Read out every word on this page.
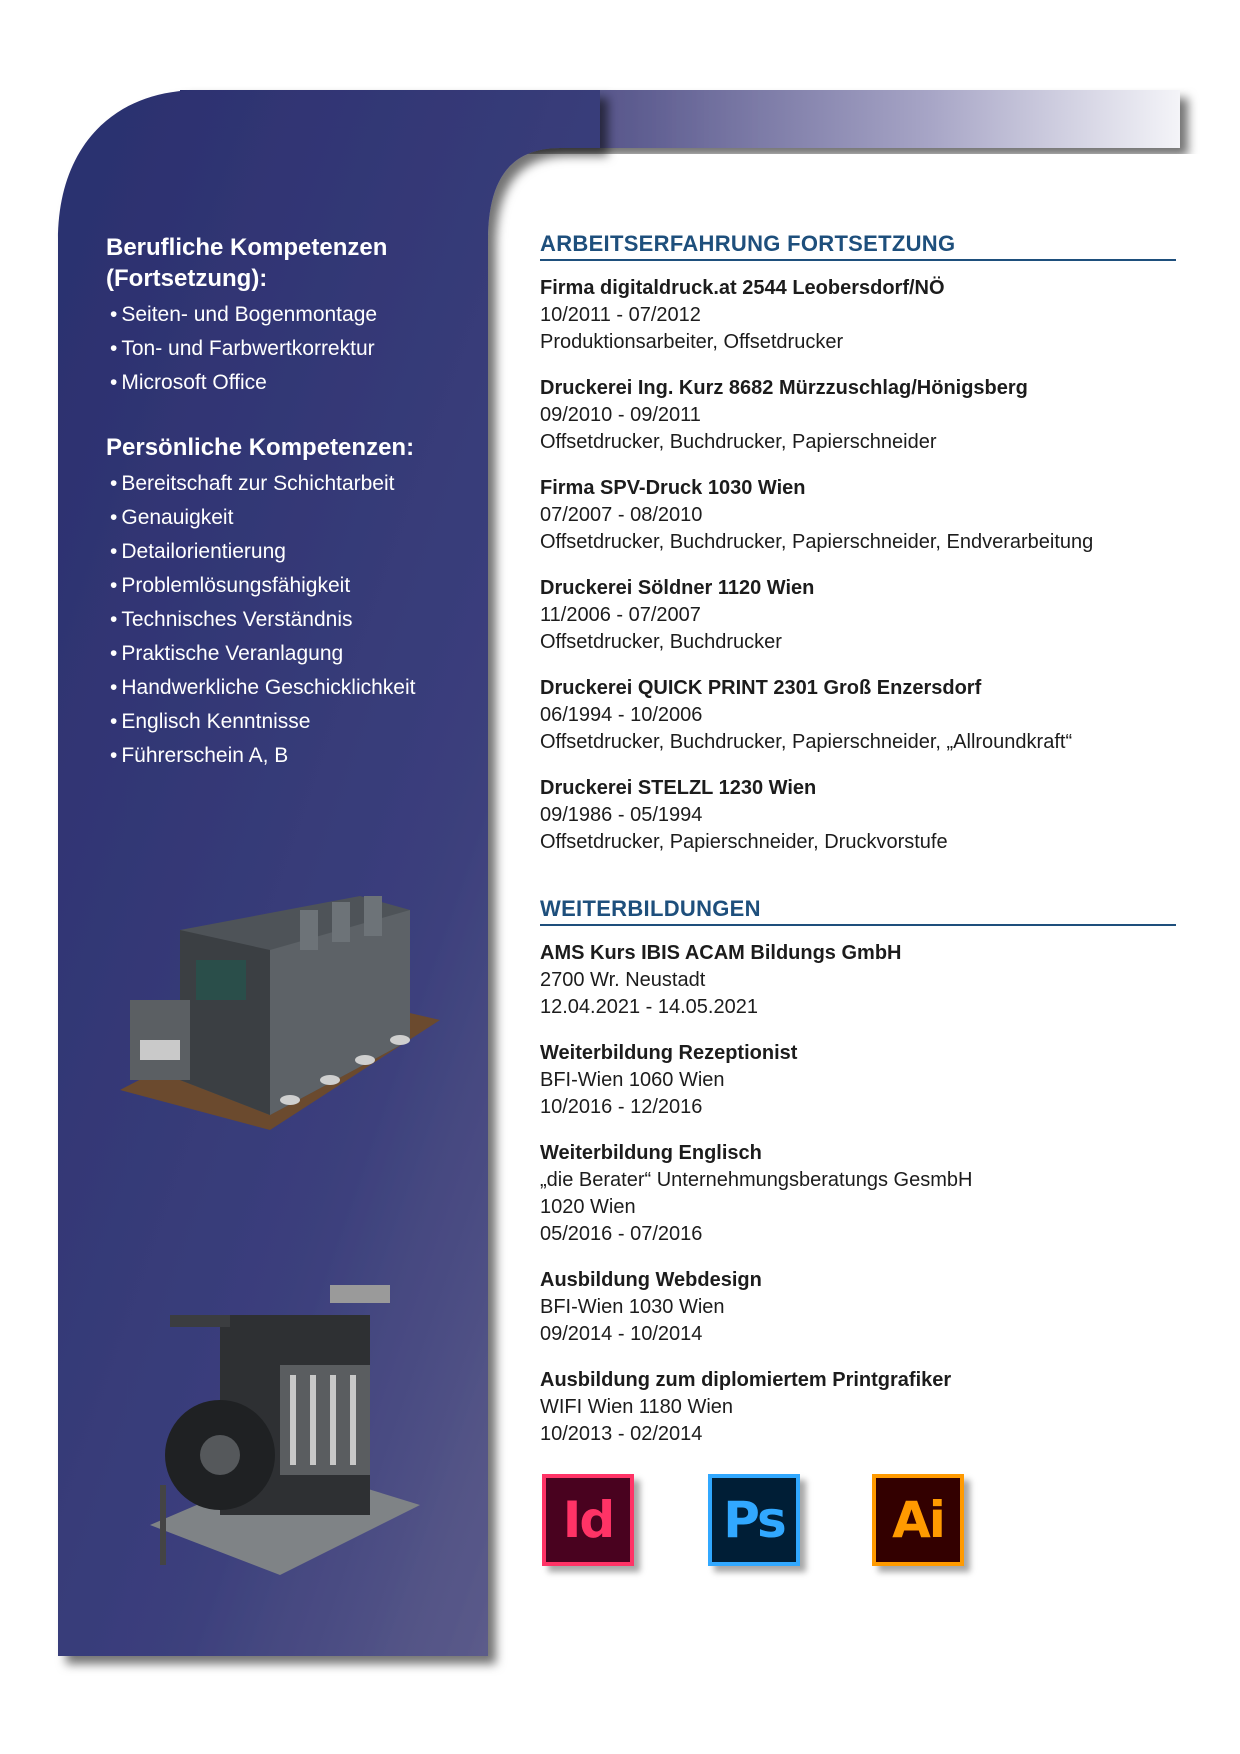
Berufliche Kompetenzen
(Fortsetzung):
• Seiten- und Bogenmontage
• Ton- und Farbwertkorrektur
• Microsoft Office
Persönliche Kompetenzen:
• Bereitschaft zur Schichtarbeit
• Genauigkeit
• Detailorientierung
• Problemlösungsfähigkeit
• Technisches Verständnis
• Praktische Veranlagung
• Handwerkliche Geschicklichkeit
• Englisch Kenntnisse
• Führerschein A, B
ARBEITSERFAHRUNG FORTSETZUNG
Firma digitaldruck.at 2544 Leobersdorf/NÖ
10/2011 - 07/2012
Produktionsarbeiter, Offsetdrucker
Druckerei Ing. Kurz 8682 Mürzzuschlag/Hönigsberg
09/2010 - 09/2011
Offsetdrucker, Buchdrucker, Papierschneider
Firma SPV-Druck 1030 Wien
07/2007 - 08/2010
Offsetdrucker, Buchdrucker, Papierschneider, Endverarbeitung
Druckerei Söldner 1120 Wien
11/2006 - 07/2007
Offsetdrucker, Buchdrucker
Druckerei QUICK PRINT 2301 Groß Enzersdorf
06/1994 - 10/2006
Offsetdrucker, Buchdrucker, Papierschneider, „Allroundkraft“
Druckerei STELZL 1230 Wien
09/1986 - 05/1994
Offsetdrucker, Papierschneider, Druckvorstufe
WEITERBILDUNGEN
AMS Kurs IBIS ACAM Bildungs GmbH
2700 Wr. Neustadt
12.04.2021 - 14.05.2021
Weiterbildung Rezeptionist
BFI-Wien 1060 Wien
10/2016 - 12/2016
Weiterbildung Englisch
„die Berater“ Unternehmungsberatungs GesmbH
1020 Wien
05/2016 - 07/2016
Ausbildung Webdesign
BFI-Wien 1030 Wien
09/2014 - 10/2014
Ausbildung zum diplomiertem Printgrafiker
WIFI Wien 1180 Wien
10/2013 - 02/2014
Id	Ps	Ai
